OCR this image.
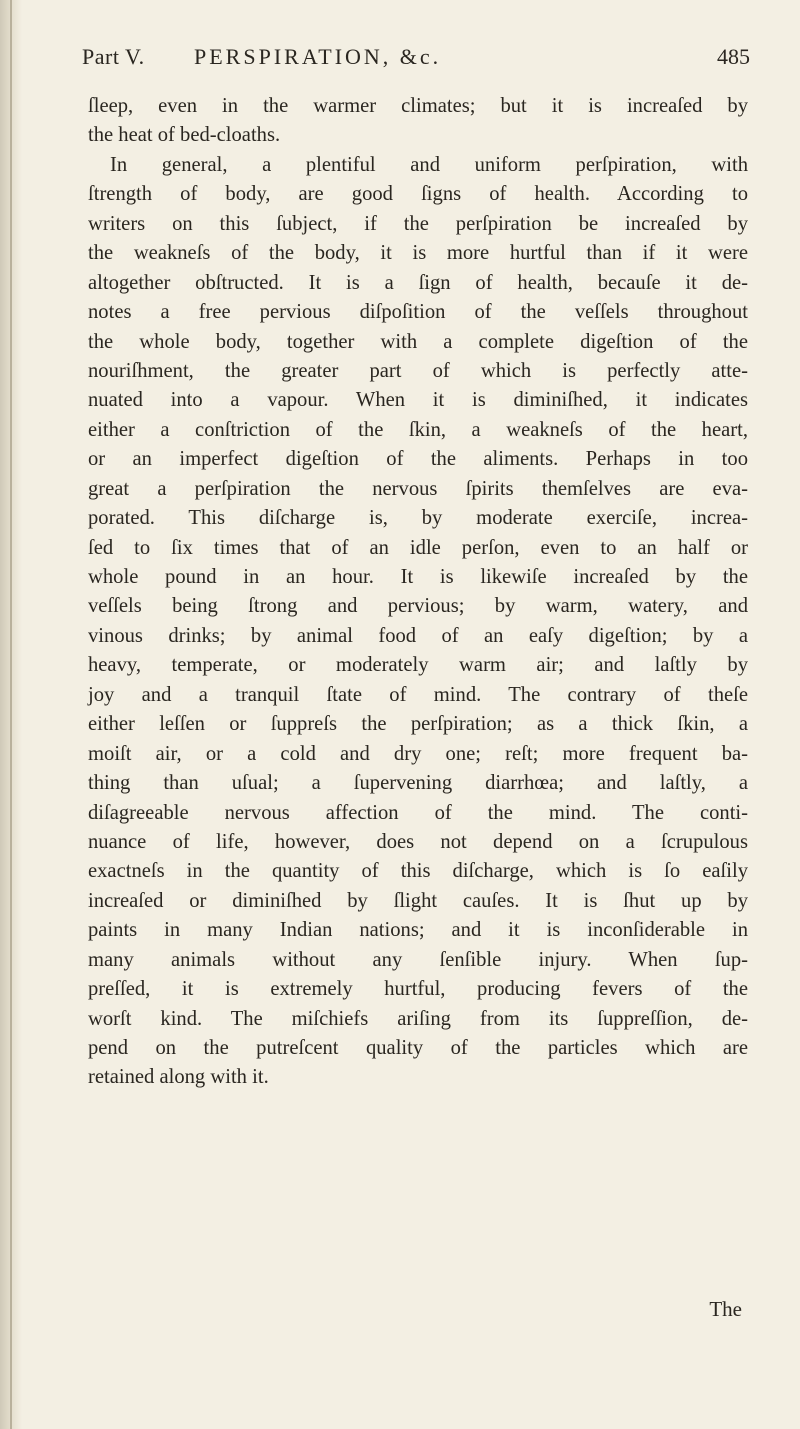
Part V. PERSPIRATION, &c.	485
ſleep, even in the warmer climates; but it is increaſed by
the heat of bed-cloaths.
In general, a plentiful and uniform perſpiration, with
ſtrength of body, are good ſigns of health. According to
writers on this ſubject, if the perſpiration be increaſed by
the weakneſs of the body, it is more hurtful than if it were
altogether obſtructed. It is a ſign of health, becauſe it de-
notes a free pervious diſpoſition of the veſſels throughout
the whole body, together with a complete digeſtion of the
nouriſhment, the greater part of which is perfectly atte-
nuated into a vapour. When it is diminiſhed, it indicates
either a conſtriction of the ſkin, a weakneſs of the heart,
or an imperfect digeſtion of the aliments. Perhaps in too
great a perſpiration the nervous ſpirits themſelves are eva-
porated. This diſcharge is, by moderate exerciſe, increa-
ſed to ſix times that of an idle perſon, even to an half or
whole pound in an hour. It is likewiſe increaſed by the
veſſels being ſtrong and pervious; by warm, watery, and
vinous drinks; by animal food of an eaſy digeſtion; by a
heavy, temperate, or moderately warm air; and laſtly by
joy and a tranquil ſtate of mind. The contrary of theſe
either leſſen or ſuppreſs the perſpiration; as a thick ſkin, a
moiſt air, or a cold and dry one; reſt; more frequent ba-
thing than uſual; a ſupervening diarrhœa; and laſtly, a
diſagreeable nervous affection of the mind. The conti-
nuance of life, however, does not depend on a ſcrupulous
exactneſs in the quantity of this diſcharge, which is ſo eaſily
increaſed or diminiſhed by ſlight cauſes. It is ſhut up by
paints in many Indian nations; and it is inconſiderable in
many animals without any ſenſible injury. When ſup-
preſſed, it is extremely hurtful, producing fevers of the
worſt kind. The miſchiefs ariſing from its ſuppreſſion, de-
pend on the putreſcent quality of the particles which are
retained along with it.
The
